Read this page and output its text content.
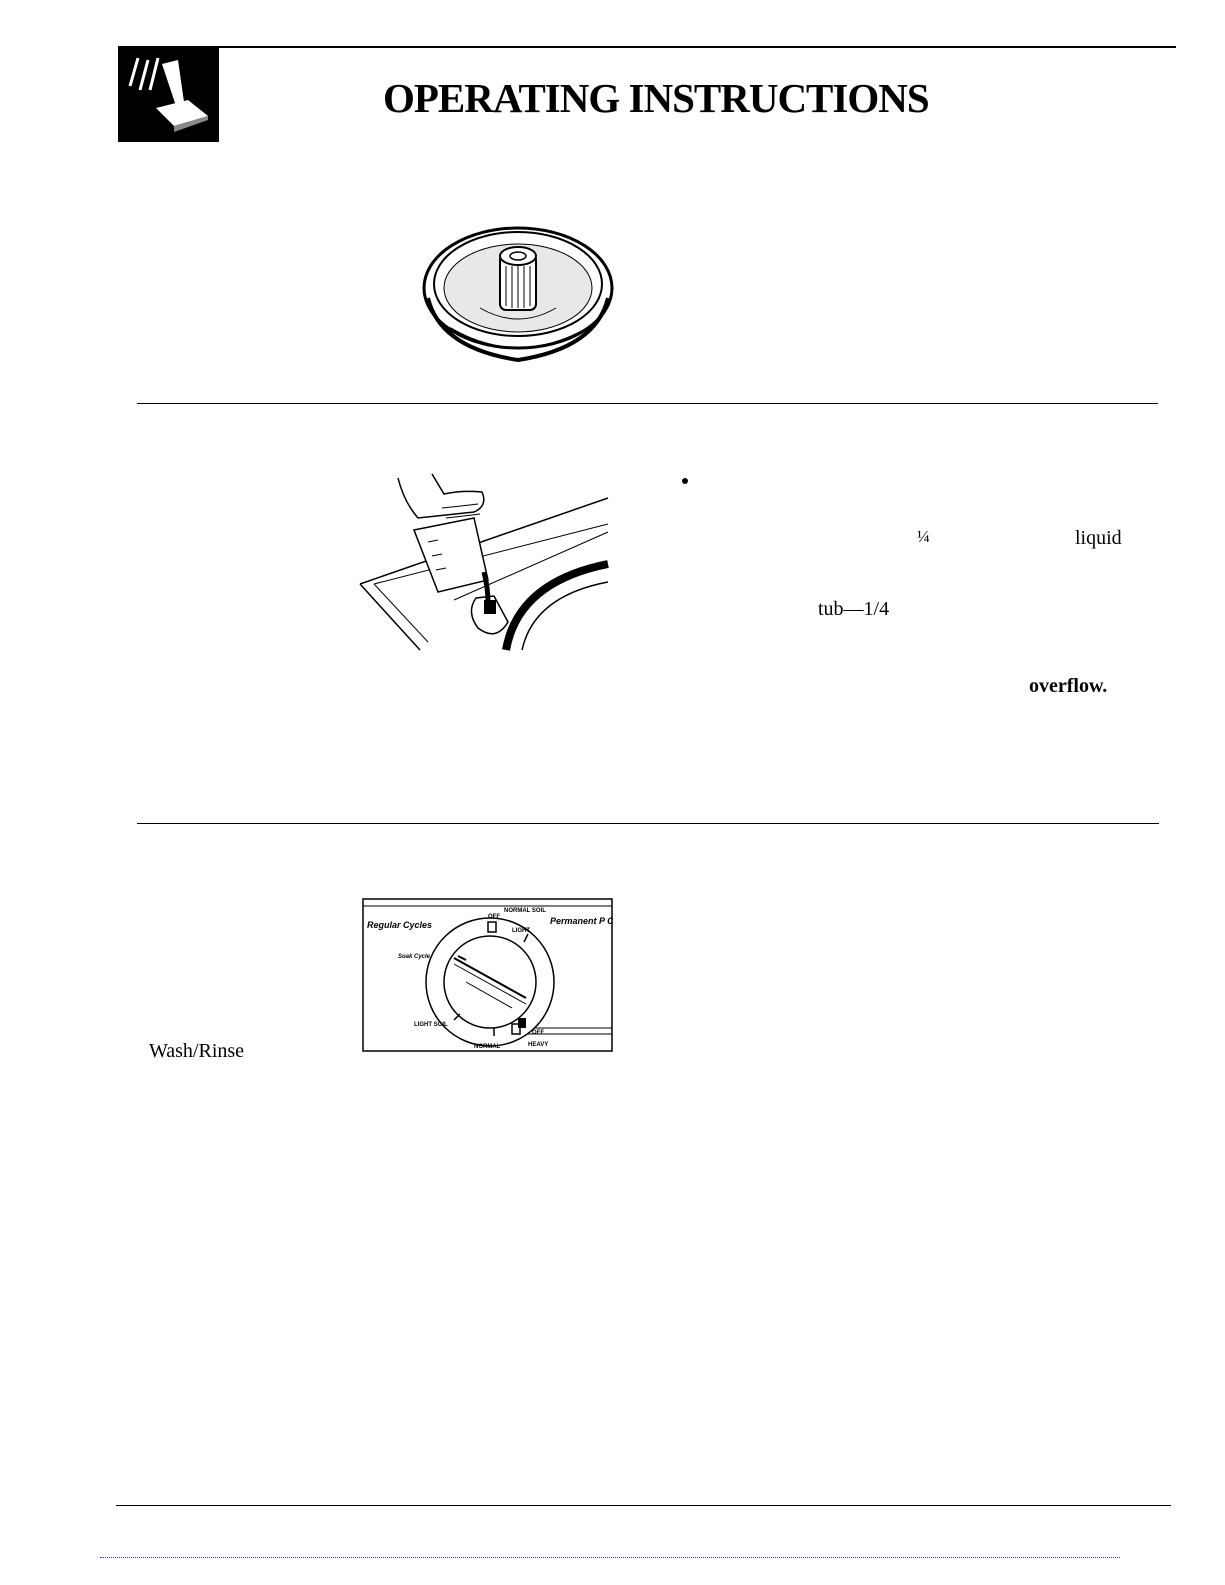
OPERATING INSTRUCTIONS
¼	liquid
tub—1/4
overflow.
Regular Cycles	Permanent P C
Soak Cycle
OFF
NORMAL SOIL
LIGHT
LIGHT SOIL
NORMAL	HEAVY
OFF
Wash/Rinse
